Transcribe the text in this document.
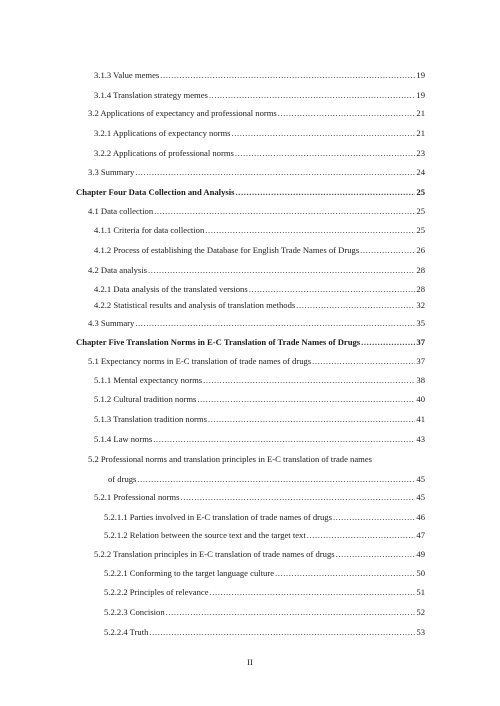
3.1.3 Value memes .....	19
3.1.4 Translation strategy memes .....	19
3.2 Applications of expectancy and professional norms .....	21
3.2.1 Applications of expectancy norms .....	21
3.2.2 Applications of professional norms .....	23
3.3 Summary .....	24
Chapter Four Data Collection and Analysis .....	25
4.1 Data collection .....	25
4.1.1 Criteria for data collection .....	25
4.1.2 Process of establishing the Database for English Trade Names of Drugs .....	26
4.2 Data analysis .....	28
4.2.1 Data analysis of the translated versions .....	28
4.2.2 Statistical results and analysis of translation methods .....	32
4.3 Summary .....	35
Chapter Five Translation Norms in E-C Translation of Trade Names of Drugs .....	37
5.1 Expectancy norms in E-C translation of trade names of drugs .....	37
5.1.1 Mental expectancy norms .....	38
5.1.2 Cultural tradition norms .....	40
5.1.3 Translation tradition norms .....	41
5.1.4 Law norms .....	43
5.2 Professional norms and translation principles in E-C translation of trade names
of drugs .....	45
5.2.1 Professional norms .....	45
5.2.1.1 Parties involved in E-C translation of trade names of drugs .....	46
5.2.1.2 Relation between the source text and the target text .....	47
5.2.2 Translation principles in E-C translation of trade names of drugs .....	49
5.2.2.1 Conforming to the target language culture .....	50
5.2.2.2 Principles of relevance .....	51
5.2.2.3 Concision .....	52
5.2.2.4 Truth .....	53
II
